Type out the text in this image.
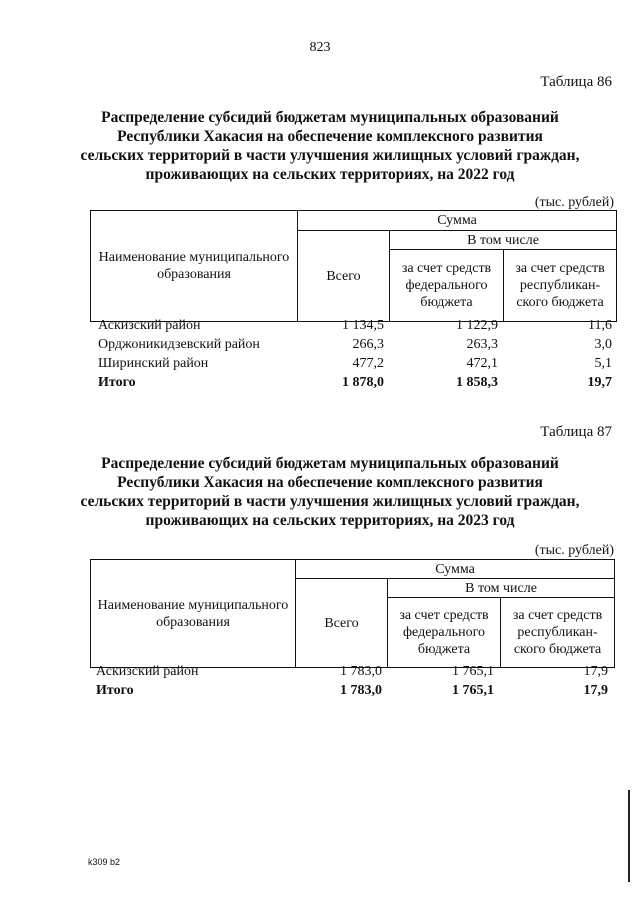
823
Таблица 86
Распределение субсидий бюджетам муниципальных образований
Республики Хакасия на обеспечение комплексного развития
сельских территорий в части улучшения жилищных условий граждан,
проживающих на сельских территориях, на 2022 год
(тыс. рублей)
Наименование муниципального образования	Сумма		
	Всего	В том числе	
		за счет средств федерального бюджета	за счет средств республикан-ского бюджета
Аскизский район	1 134,5	1 122,9	11,6
Орджоникидзевский район	266,3	263,3	3,0
Ширинский район	477,2	472,1	5,1
Итого	1 878,0	1 858,3	19,7
Таблица 87
Распределение субсидий бюджетам муниципальных образований
Республики Хакасия на обеспечение комплексного развития
сельских территорий в части улучшения жилищных условий граждан,
проживающих на сельских территориях, на 2023 год
(тыс. рублей)
Наименование муниципального образования	Сумма		
	Всего	В том числе	
		за счет средств федерального бюджета	за счет средств республикан-ского бюджета
Аскизский район	1 783,0	1 765,1	17,9
Итого	1 783,0	1 765,1	17,9
k309 b2
